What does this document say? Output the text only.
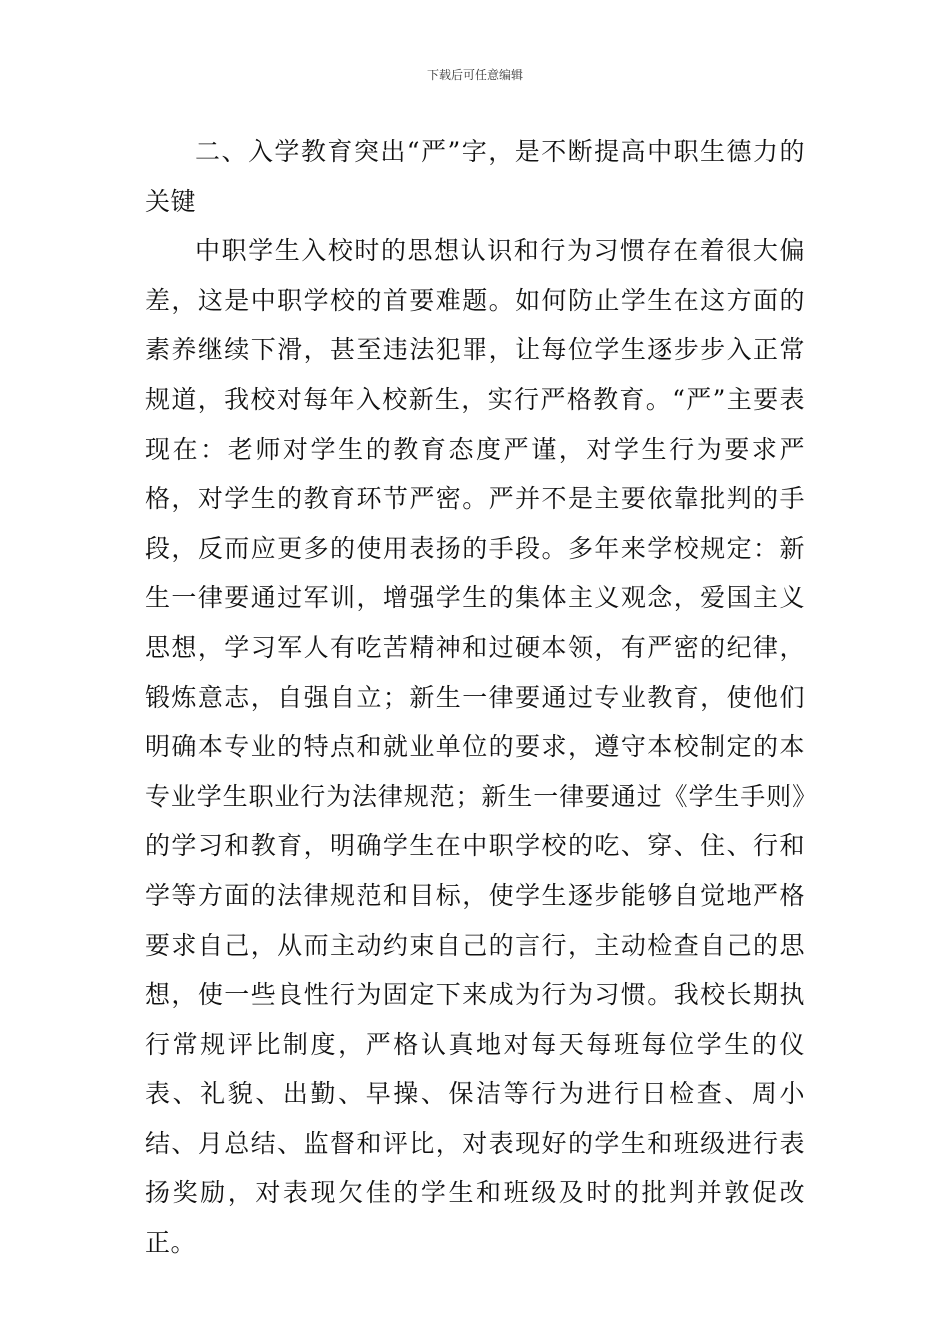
下载后可任意编辑

二、入学教育突出“严”字，是不断提高中职生德力的关键

中职学生入校时的思想认识和行为习惯存在着很大偏差，这是中职学校的首要难题。如何防止学生在这方面的素养继续下滑，甚至违法犯罪，让每位学生逐步步入正常规道，我校对每年入校新生，实行严格教育。“严”主要表现在：老师对学生的教育态度严谨，对学生行为要求严格，对学生的教育环节严密。严并不是主要依靠批判的手段，反而应更多的使用表扬的手段。多年来学校规定：新生一律要通过军训，增强学生的集体主义观念，爱国主义思想，学习军人有吃苦精神和过硬本领，有严密的纪律，锻炼意志，自强自立；新生一律要通过专业教育，使他们明确本专业的特点和就业单位的要求，遵守本校制定的本专业学生职业行为法律规范；新生一律要通过《学生手则》的学习和教育，明确学生在中职学校的吃、穿、住、行和学等方面的法律规范和目标，使学生逐步能够自觉地严格要求自己，从而主动约束自己的言行，主动检查自己的思想，使一些良性行为固定下来成为行为习惯。我校长期执行常规评比制度，严格认真地对每天每班每位学生的仪表、礼貌、出勤、早操、保洁等行为进行日检查、周小结、月总结、监督和评比，对表现好的学生和班级进行表扬奖励，对表现欠佳的学生和班级及时的批判并敦促改正。
